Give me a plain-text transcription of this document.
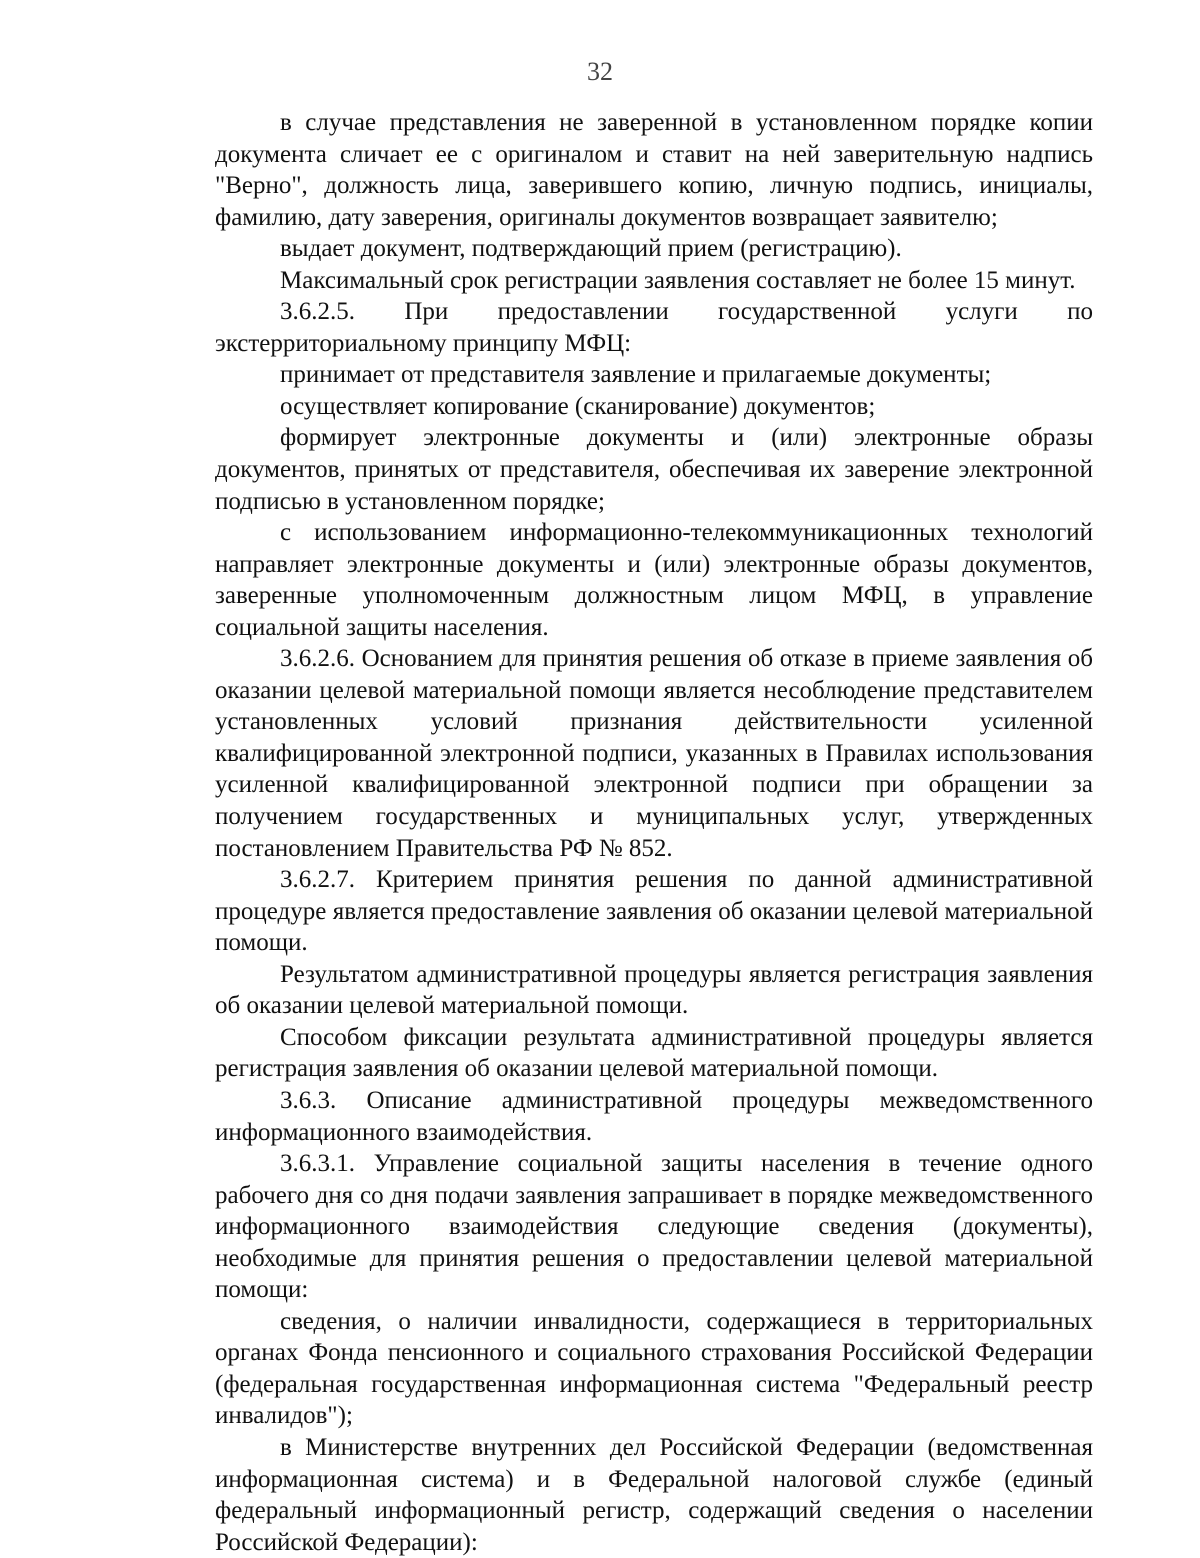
32

в случае представления не заверенной в установленном порядке копии документа сличает ее с оригиналом и ставит на ней заверительную надпись "Верно", должность лица, заверившего копию, личную подпись, инициалы, фамилию, дату заверения, оригиналы документов возвращает заявителю;

выдает документ, подтверждающий прием (регистрацию).

Максимальный срок регистрации заявления составляет не более 15 минут.

3.6.2.5. При предоставлении государственной услуги по экстерриториальному принципу МФЦ:

принимает от представителя заявление и прилагаемые документы;

осуществляет копирование (сканирование) документов;

формирует электронные документы и (или) электронные образы документов, принятых от представителя, обеспечивая их заверение электронной подписью в установленном порядке;

с использованием информационно-телекоммуникационных технологий направляет электронные документы и (или) электронные образы документов, заверенные уполномоченным должностным лицом МФЦ, в управление социальной защиты населения.

3.6.2.6. Основанием для принятия решения об отказе в приеме заявления об оказании целевой материальной помощи является несоблюдение представителем установленных условий признания действительности усиленной квалифицированной электронной подписи, указанных в Правилах использования усиленной квалифицированной электронной подписи при обращении за получением государственных и муниципальных услуг, утвержденных постановлением Правительства РФ № 852.

3.6.2.7. Критерием принятия решения по данной административной процедуре является предоставление заявления об оказании целевой материальной помощи.

Результатом административной процедуры является регистрация заявления об оказании целевой материальной помощи.

Способом фиксации результата административной процедуры является регистрация заявления об оказании целевой материальной помощи.

3.6.3. Описание административной процедуры межведомственного информационного взаимодействия.

3.6.3.1. Управление социальной защиты населения в течение одного рабочего дня со дня подачи заявления запрашивает в порядке межведомственного информационного взаимодействия следующие сведения (документы), необходимые для принятия решения о предоставлении целевой материальной помощи:

сведения, о наличии инвалидности, содержащиеся в территориальных органах Фонда пенсионного и социального страхования Российской Федерации (федеральная государственная информационная система "Федеральный реестр инвалидов");

в Министерстве внутренних дел Российской Федерации (ведомственная информационная система) и в Федеральной налоговой службе (единый федеральный информационный регистр, содержащий сведения о населении Российской Федерации):
